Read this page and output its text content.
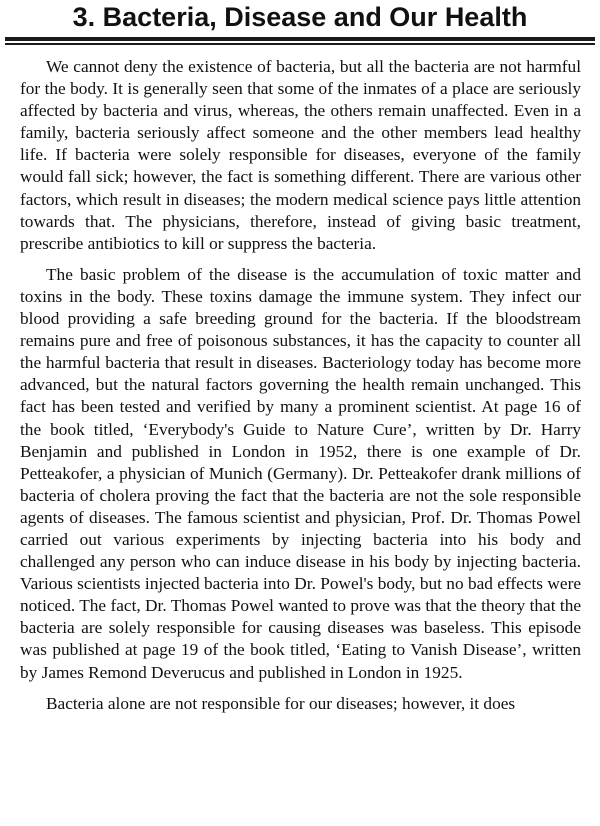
3. Bacteria, Disease and Our Health

We cannot deny the existence of bacteria, but all the bacteria are not harmful for the body. It is generally seen that some of the inmates of a place are seriously affected by bacteria and virus, whereas, the others remain unaffected. Even in a family, bacteria seriously affect someone and the other members lead healthy life. If bacteria were solely responsible for diseases, everyone of the family would fall sick; however, the fact is something different. There are various other factors, which result in diseases; the modern medical science pays little attention towards that. The physicians, therefore, instead of giving basic treatment, prescribe antibiotics to kill or suppress the bacteria.

The basic problem of the disease is the accumulation of toxic matter and toxins in the body. These toxins damage the immune system. They infect our blood providing a safe breeding ground for the bacteria. If the bloodstream remains pure and free of poisonous substances, it has the capacity to counter all the harmful bacteria that result in diseases. Bacteriology today has become more advanced, but the natural factors governing the health remain unchanged. This fact has been tested and verified by many a prominent scientist. At page 16 of the book titled, ‘Everybody's Guide to Nature Cure’, written by Dr. Harry Benjamin and published in London in 1952, there is one example of Dr. Petteakofer, a physician of Munich (Germany). Dr. Petteakofer drank millions of bacteria of cholera proving the fact that the bacteria are not the sole responsible agents of diseases. The famous scientist and physician, Prof. Dr. Thomas Powel carried out various experiments by injecting bacteria into his body and challenged any person who can induce disease in his body by injecting bacteria. Various scientists injected bacteria into Dr. Powel's body, but no bad effects were noticed. The fact, Dr. Thomas Powel wanted to prove was that the theory that the bacteria are solely responsible for causing diseases was baseless. This episode was published at page 19 of the book titled, ‘Eating to Vanish Disease’, written by James Remond Deverucus and published in London in 1925.

Bacteria alone are not responsible for our diseases; however, it does
